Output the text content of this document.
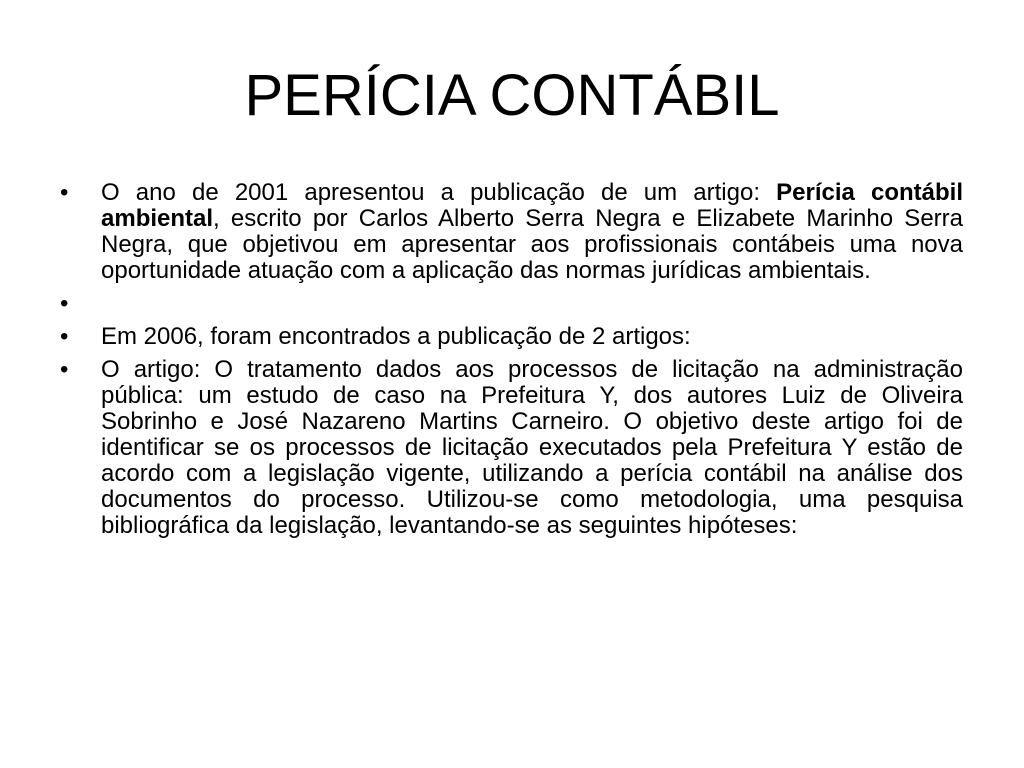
PERÍCIA CONTÁBIL
•	O ano de 2001 apresentou a publicação de um artigo: Perícia contábil ambiental, escrito por Carlos Alberto Serra Negra e Elizabete Marinho Serra Negra, que objetivou em apresentar aos profissionais contábeis uma nova oportunidade atuação com a aplicação das normas jurídicas ambientais.
•
•	Em 2006, foram encontrados a publicação de 2 artigos:
•	O artigo: O tratamento dados aos processos de licitação na administração pública: um estudo de caso na Prefeitura Y, dos autores Luiz de Oliveira Sobrinho e José Nazareno Martins Carneiro. O objetivo deste artigo foi de identificar se os processos de licitação executados pela Prefeitura Y estão de acordo com a legislação vigente, utilizando a perícia contábil na análise dos documentos do processo. Utilizou-se como metodologia, uma pesquisa bibliográfica da legislação, levantando-se as seguintes hipóteses:
